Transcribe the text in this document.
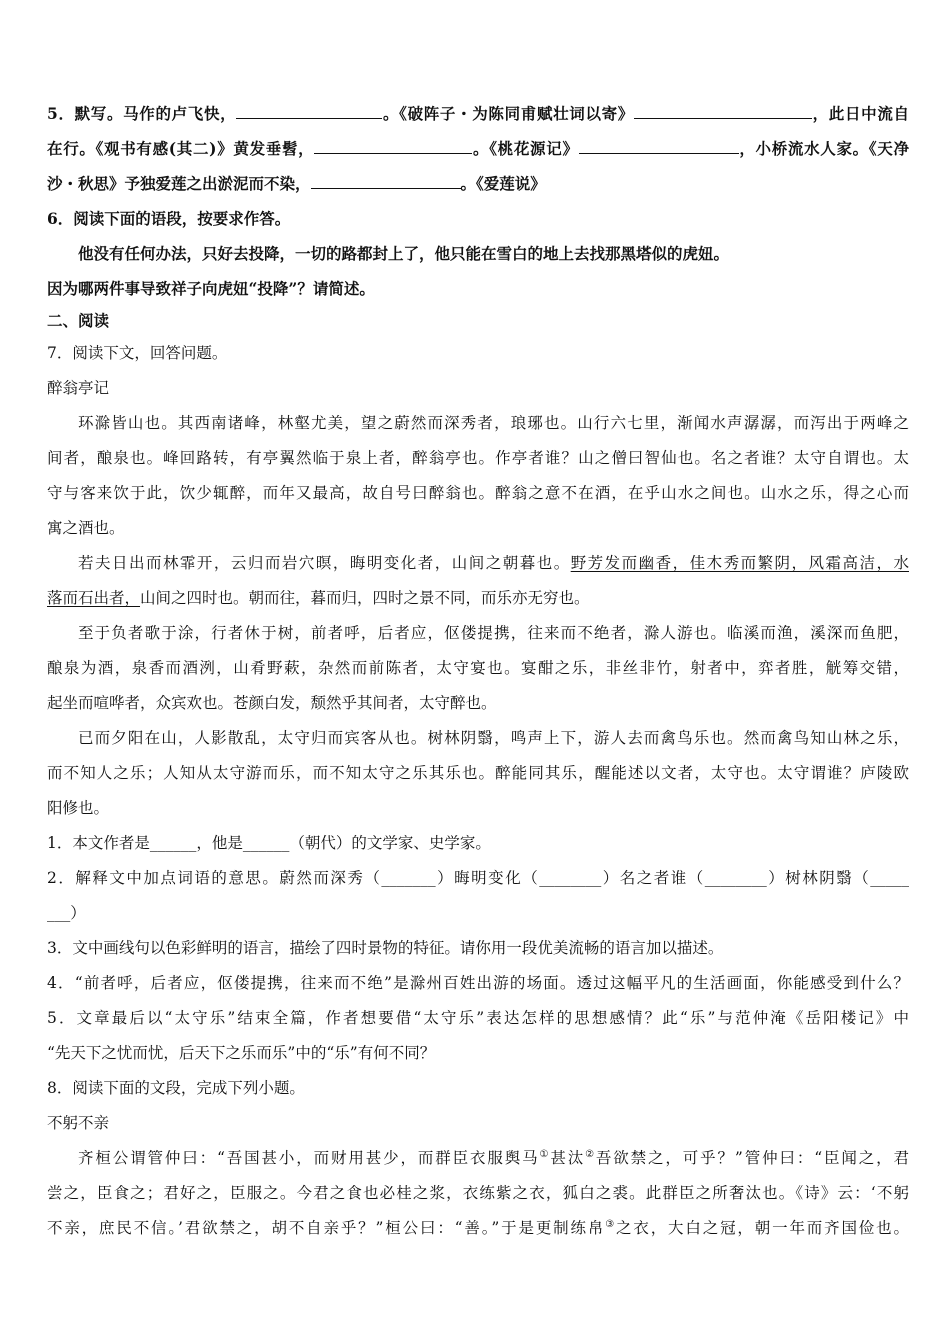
5．默写。马作的卢飞快，	。《破阵子・为陈同甫赋壮词以寄》	，此日中流自
在行。《观书有感(其二)》黄发垂髫，	。《桃花源记》	，小桥流水人家。《天净
沙・秋思》予独爱莲之出淤泥而不染，	。《爱莲说》
6．阅读下面的语段，按要求作答。
他没有任何办法，只好去投降，一切的路都封上了，他只能在雪白的地上去找那黑塔似的虎妞。
因为哪两件事导致祥子向虎妞“投降”？请简述。
二、阅读
7．阅读下文，回答问题。
醉翁亭记
环滁皆山也。其西南诸峰，林壑尤美，望之蔚然而深秀者，琅琊也。山行六七里，渐闻水声潺潺，而泻出于两峰之
间者，酿泉也。峰回路转，有亭翼然临于泉上者，醉翁亭也。作亭者谁？山之僧曰智仙也。名之者谁？太守自谓也。太
守与客来饮于此，饮少辄醉，而年又最高，故自号曰醉翁也。醉翁之意不在酒，在乎山水之间也。山水之乐，得之心而
寓之酒也。
若夫日出而林霏开，云归而岩穴暝，晦明变化者，山间之朝暮也。野芳发而幽香，佳木秀而繁阴，风霜高洁，水
落而石出者，山间之四时也。朝而往，暮而归，四时之景不同，而乐亦无穷也。
至于负者歌于涂，行者休于树，前者呼，后者应，伛偻提携，往来而不绝者，滁人游也。临溪而渔，溪深而鱼肥，
酿泉为酒，泉香而酒洌，山肴野蔌，杂然而前陈者，太守宴也。宴酣之乐，非丝非竹，射者中，弈者胜，觥筹交错，
起坐而喧哗者，众宾欢也。苍颜白发，颓然乎其间者，太守醉也。
已而夕阳在山，人影散乱，太守归而宾客从也。树林阴翳，鸣声上下，游人去而禽鸟乐也。然而禽鸟知山林之乐，
而不知人之乐；人知从太守游而乐，而不知太守之乐其乐也。醉能同其乐，醒能述以文者，太守也。太守谓谁？庐陵欧
阳修也。
1．本文作者是______，他是______（朝代）的文学家、史学家。
2．解释文中加点词语的意思。蔚然而深秀（_______）晦明变化（________）名之者谁（________）树林阴翳（_____
___）
3．文中画线句以色彩鲜明的语言，描绘了四时景物的特征。请你用一段优美流畅的语言加以描述。
4．“前者呼，后者应，伛偻提携，往来而不绝”是滁州百姓出游的场面。透过这幅平凡的生活画面，你能感受到什么？
5．文章最后以“太守乐”结束全篇，作者想要借“太守乐”表达怎样的思想感情？此“乐”与范仲淹《岳阳楼记》中
“先天下之忧而忧，后天下之乐而乐”中的“乐”有何不同？
8．阅读下面的文段，完成下列小题。
不躬不亲
齐桓公谓管仲曰：“吾国甚小，而财用甚少，而群臣衣服舆马①甚汰②吾欲禁之，可乎？”管仲曰：“臣闻之，君
尝之，臣食之；君好之，臣服之。今君之食也必桂之浆，衣练紫之衣，狐白之裘。此群臣之所奢汰也。《诗》云：‘不躬
不亲，庶民不信。’君欲禁之，胡不自亲乎？”桓公曰：“善。”于是更制练帛③之衣，大白之冠，朝一年而齐国俭也。
